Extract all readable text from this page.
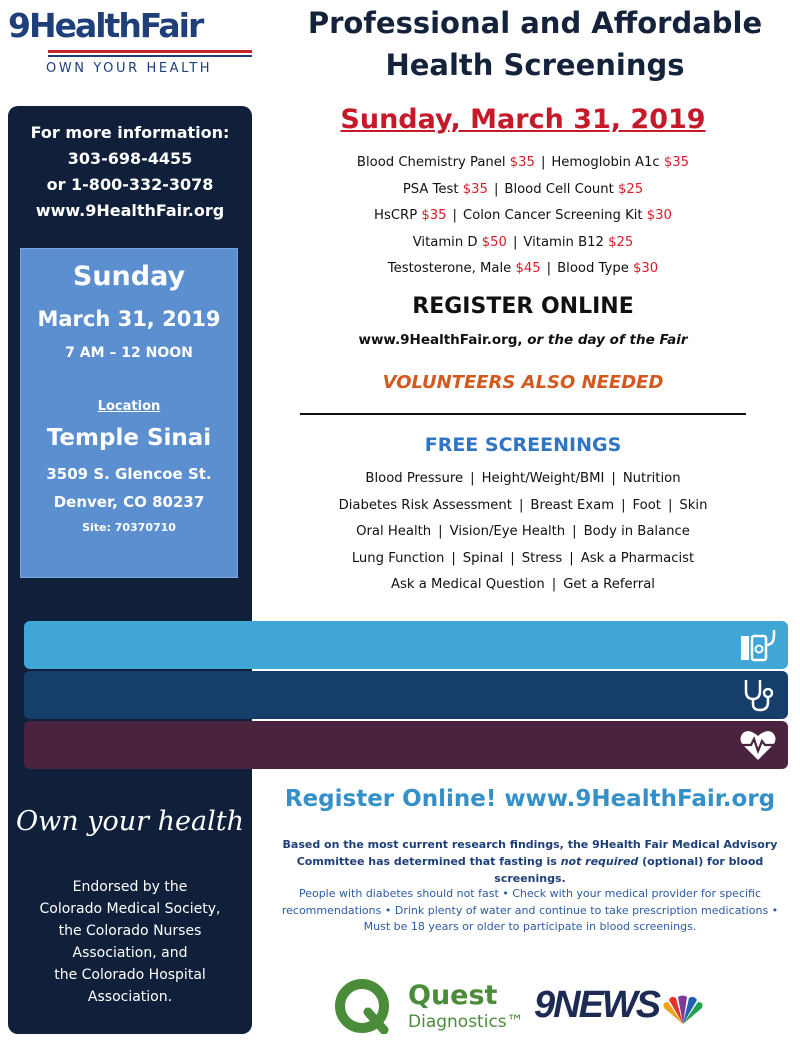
9HealthFair
OWN YOUR HEALTH
Professional and Affordable
Health Screenings
For more information:
303-698-4455
or 1-800-332-3078
www.9HealthFair.org
Sunday
March 31, 2019
7 AM – 12 NOON
Location
Temple Sinai
3509 S. Glencoe St.
Denver, CO 80237
Site: 70370710
Own your health
Endorsed by the
Colorado Medical Society,
the Colorado Nurses
Association, and
the Colorado Hospital
Association.
Sunday, March 31, 2019
Blood Chemistry Panel $35 | Hemoglobin A1c $35
PSA Test $35 | Blood Cell Count $25
HsCRP $35 | Colon Cancer Screening Kit $30
Vitamin D $50 | Vitamin B12 $25
Testosterone, Male $45 | Blood Type $30
REGISTER ONLINE
www.9HealthFair.org, or the day of the Fair
VOLUNTEERS ALSO NEEDED
FREE SCREENINGS
Blood Pressure | Height/Weight/BMI | Nutrition
Diabetes Risk Assessment | Breast Exam | Foot | Skin
Oral Health | Vision/Eye Health | Body in Balance
Lung Function | Spinal | Stress | Ask a Pharmacist
Ask a Medical Question | Get a Referral
Register Online! www.9HealthFair.org
Based on the most current research findings, the 9Health Fair Medical Advisory Committee has determined that fasting is not required (optional) for blood screenings.
People with diabetes should not fast • Check with your medical provider for specific recommendations • Drink plenty of water and continue to take prescription medications • Must be 18 years or older to participate in blood screenings.
Quest
Diagnostics™ 9NEWS
